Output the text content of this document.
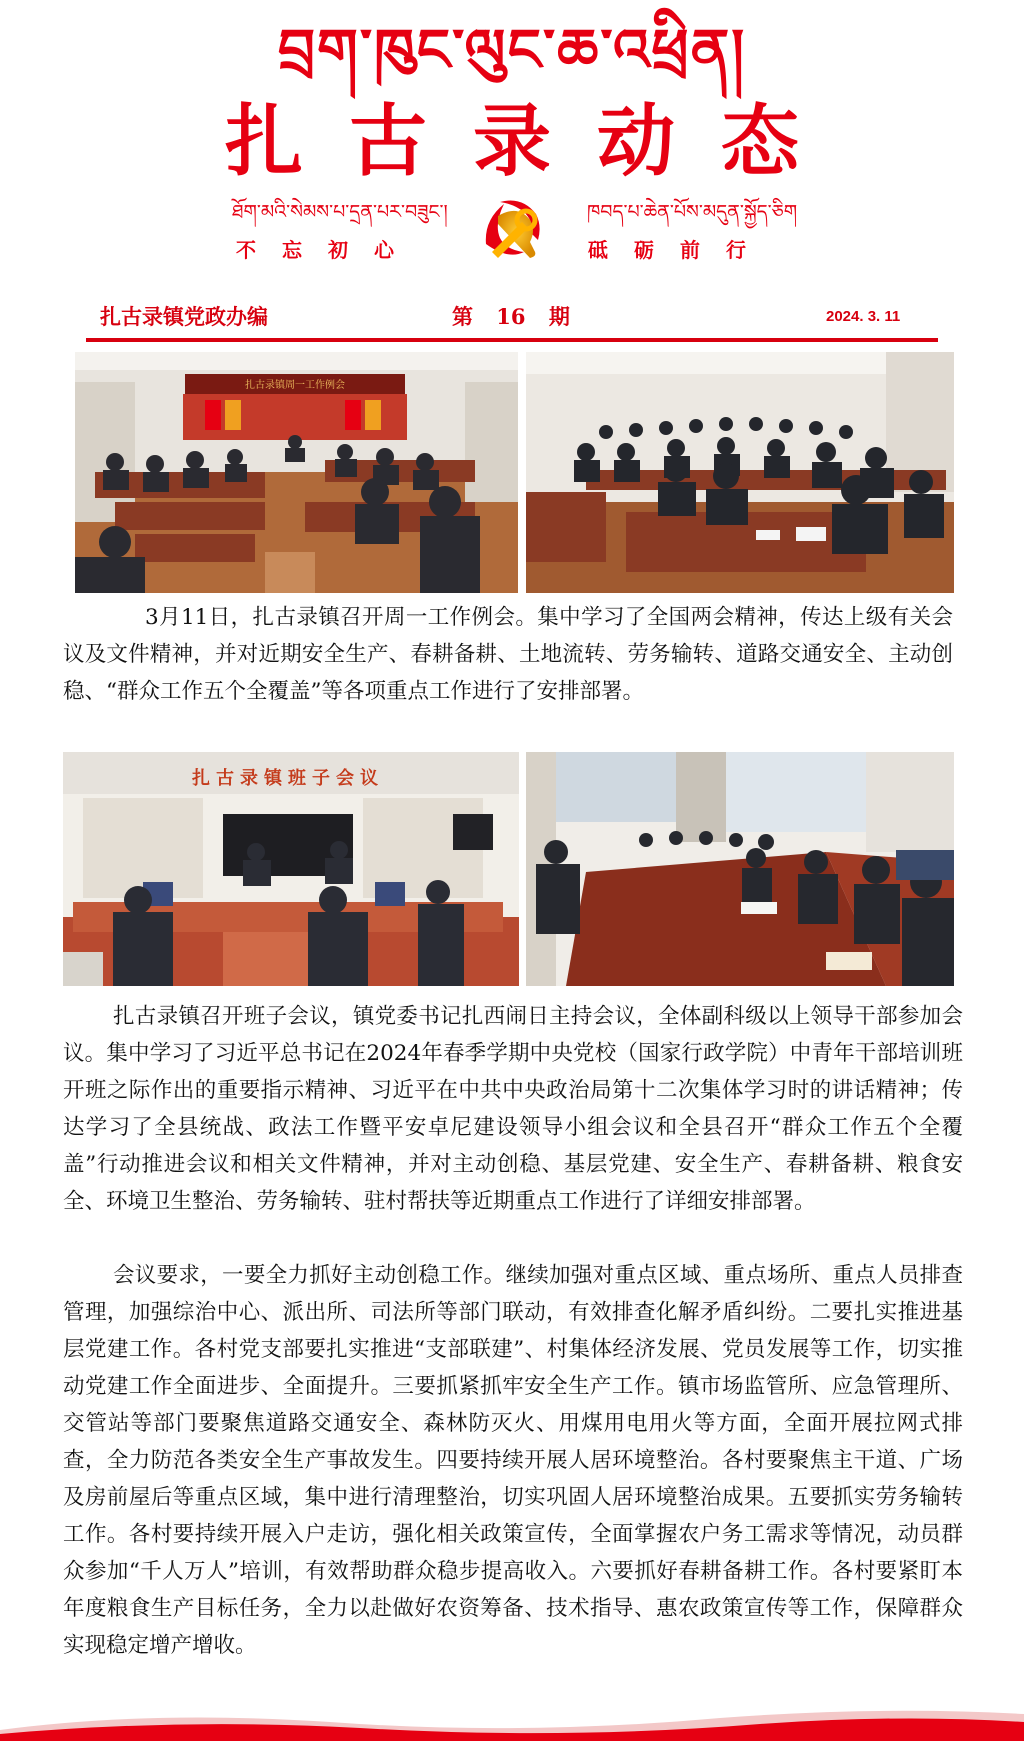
བྲག་ཁུང་ལུང་ཆ་འཕྲིན།
扎古录动态
ཐོག་མའི་སེམས་པ་དྲན་པར་བཟུང་།
不忘初心
ཁབད་པ་ཆེན་པོས་མདུན་སྐྱོད་ཅིག
砥砺前行
扎古录镇党政办编	第 16 期	2024. 3. 11
扎古录镇周一工作例会

3月11日，扎古录镇召开周一工作例会。集中学习了全国两会精神，传达上级有关会议及文件精神，并对近期安全生产、春耕备耕、土地流转、劳务输转、道路交通安全、主动创稳、“群众工作五个全覆盖”等各项重点工作进行了安排部署。

扎古录镇班子会议

扎古录镇召开班子会议，镇党委书记扎西闹日主持会议，全体副科级以上领导干部参加会议。集中学习了习近平总书记在2024年春季学期中央党校（国家行政学院）中青年干部培训班开班之际作出的重要指示精神、习近平在中共中央政治局第十二次集体学习时的讲话精神；传达学习了全县统战、政法工作暨平安卓尼建设领导小组会议和全县召开“群众工作五个全覆盖”行动推进会议和相关文件精神，并对主动创稳、基层党建、安全生产、春耕备耕、粮食安全、环境卫生整治、劳务输转、驻村帮扶等近期重点工作进行了详细安排部署。

会议要求，一要全力抓好主动创稳工作。继续加强对重点区域、重点场所、重点人员排查管理，加强综治中心、派出所、司法所等部门联动，有效排查化解矛盾纠纷。二要扎实推进基层党建工作。各村党支部要扎实推进“支部联建”、村集体经济发展、党员发展等工作，切实推动党建工作全面进步、全面提升。三要抓紧抓牢安全生产工作。镇市场监管所、应急管理所、交管站等部门要聚焦道路交通安全、森林防灭火、用煤用电用火等方面，全面开展拉网式排查，全力防范各类安全生产事故发生。四要持续开展人居环境整治。各村要聚焦主干道、广场及房前屋后等重点区域，集中进行清理整治，切实巩固人居环境整治成果。五要抓实劳务输转工作。各村要持续开展入户走访，强化相关政策宣传，全面掌握农户务工需求等情况，动员群众参加“千人万人”培训，有效帮助群众稳步提高收入。六要抓好春耕备耕工作。各村要紧盯本年度粮食生产目标任务，全力以赴做好农资筹备、技术指导、惠农政策宣传等工作，保障群众实现稳定增产增收。
